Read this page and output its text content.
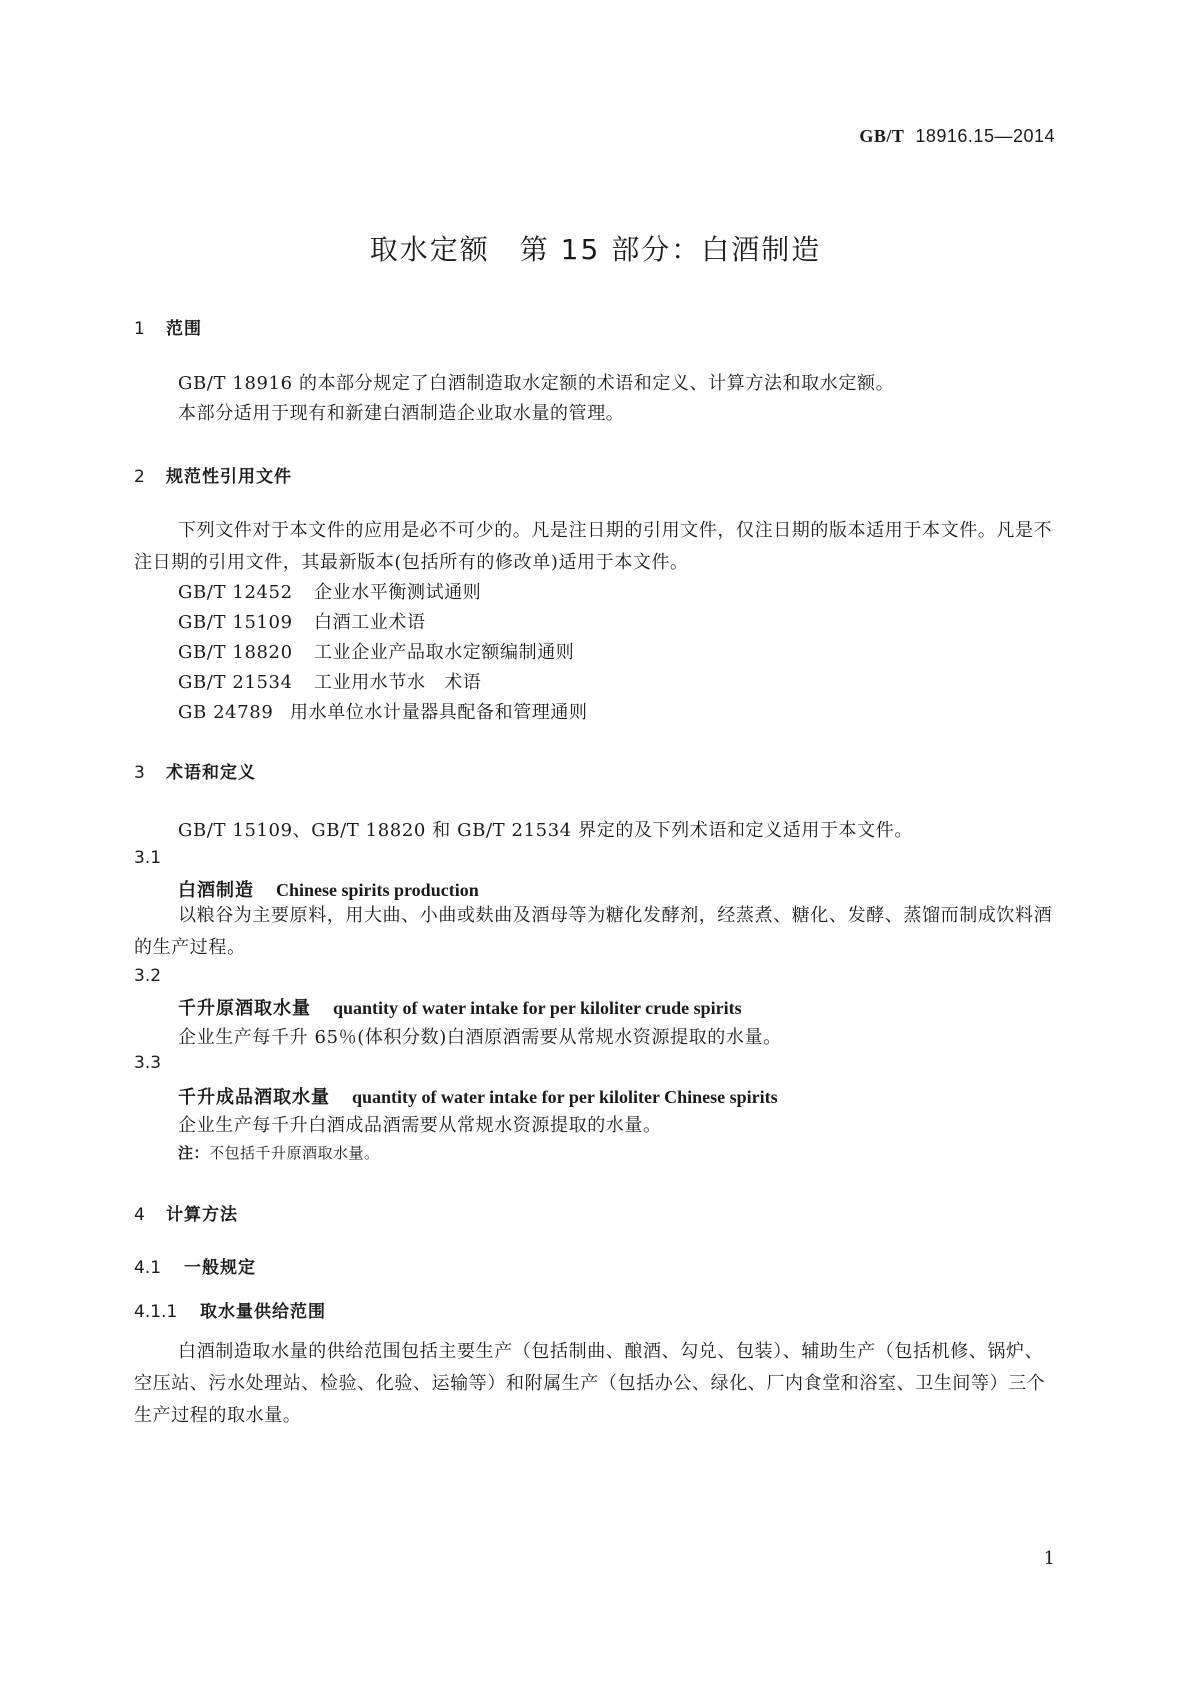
GB/T 18916.15—2014
取水定额　第 15 部分：白酒制造
1 范围
GB/T 18916 的本部分规定了白酒制造取水定额的术语和定义、计算方法和取水定额。
本部分适用于现有和新建白酒制造企业取水量的管理。
2 规范性引用文件
下列文件对于本文件的应用是必不可少的。凡是注日期的引用文件，仅注日期的版本适用于本文件。凡是不注日期的引用文件，其最新版本(包括所有的修改单)适用于本文件。
GB/T 12452 企业水平衡测试通则
GB/T 15109 白酒工业术语
GB/T 18820 工业企业产品取水定额编制通则
GB/T 21534 工业用水节水　术语
GB 24789 用水单位水计量器具配备和管理通则
3 术语和定义
GB/T 15109、GB/T 18820 和 GB/T 21534 界定的及下列术语和定义适用于本文件。
3.1
白酒制造 Chinese spirits production
以粮谷为主要原料，用大曲、小曲或麸曲及酒母等为糖化发酵剂，经蒸煮、糖化、发酵、蒸馏而制成饮料酒的生产过程。
3.2
千升原酒取水量 quantity of water intake for per kiloliter crude spirits
企业生产每千升 65％(体积分数)白酒原酒需要从常规水资源提取的水量。
3.3
千升成品酒取水量 quantity of water intake for per kiloliter Chinese spirits
企业生产每千升白酒成品酒需要从常规水资源提取的水量。
注：不包括千升原酒取水量。
4 计算方法
4.1 一般规定
4.1.1 取水量供给范围
白酒制造取水量的供给范围包括主要生产（包括制曲、酿酒、勾兑、包装）、辅助生产（包括机修、锅炉、空压站、污水处理站、检验、化验、运输等）和附属生产（包括办公、绿化、厂内食堂和浴室、卫生间等）三个生产过程的取水量。
1
